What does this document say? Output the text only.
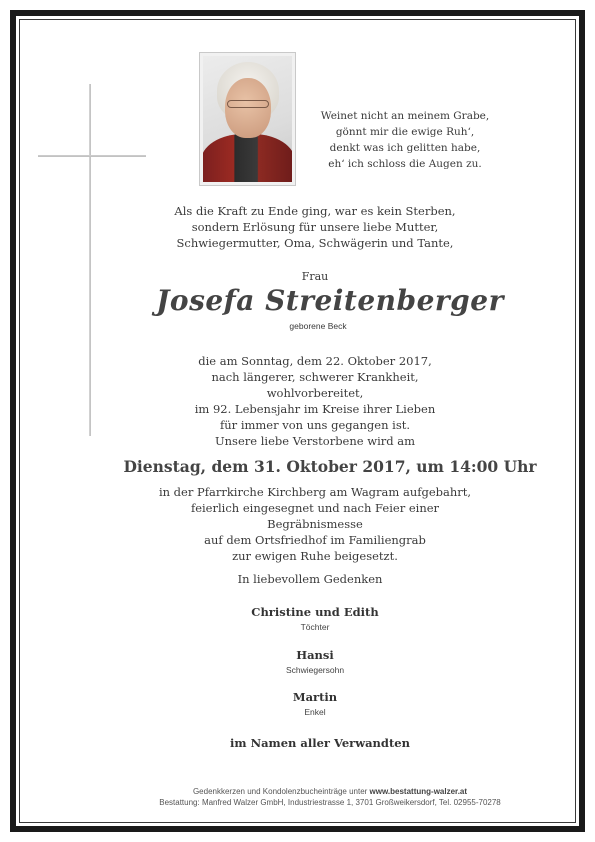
Weinet nicht an meinem Grabe,
gönnt mir die ewige Ruh‘,
denkt was ich gelitten habe,
eh‘ ich schloss die Augen zu.
Als die Kraft zu Ende ging, war es kein Sterben,
sondern Erlösung für unsere liebe Mutter,
Schwiegermutter, Oma, Schwägerin und Tante,
Frau
Josefa Streitenberger
geborene Beck
die am Sonntag, dem 22. Oktober 2017,
nach längerer, schwerer Krankheit, wohlvorbereitet,
im 92. Lebensjahr im Kreise ihrer Lieben
für immer von uns gegangen ist.
Unsere liebe Verstorbene wird am
Dienstag, dem 31. Oktober 2017, um 14:00 Uhr
in der Pfarrkirche Kirchberg am Wagram aufgebahrt,
feierlich eingesegnet und nach Feier einer Begräbnismesse
auf dem Ortsfriedhof im Familiengrab
zur ewigen Ruhe beigesetzt.
In liebevollem Gedenken
Christine und Edith
Töchter
Hansi
Schwiegersohn
Martin
Enkel
im Namen aller Verwandten
Gedenkkerzen und Kondolenzbucheinträge unter www.bestattung-walzer.at
Bestattung: Manfred Walzer GmbH, Industriestrasse 1, 3701 Großweikersdorf, Tel. 02955-70278
